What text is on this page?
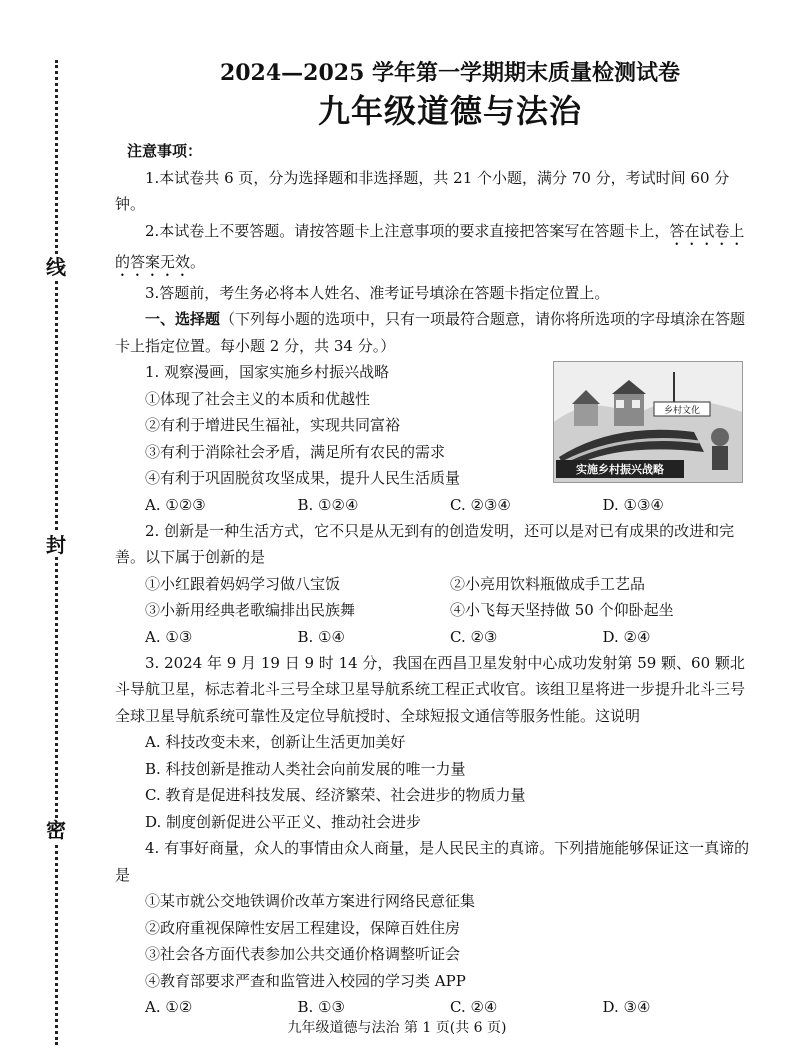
线
封
密
2024—2025 学年第一学期期末质量检测试卷
九年级道德与法治

注意事项：

1.本试卷共 6 页，分为选择题和非选择题，共 21 个小题，满分 70 分，考试时间 60 分钟。

2.本试卷上不要答题。请按答题卡上注意事项的要求直接把答案写在答题卡上，答在试卷上的答案无效。

3.答题前，考生务必将本人姓名、准考证号填涂在答题卡指定位置上。

一、选择题（下列每小题的选项中，只有一项最符合题意，请你将所选项的字母填涂在答题卡上指定位置。每小题 2 分，共 34 分。）

1. 观察漫画，国家实施乡村振兴战略

①体现了社会主义的本质和优越性

②有利于增进民生福祉，实现共同富裕

③有利于消除社会矛盾，满足所有农民的需求

④有利于巩固脱贫攻坚成果，提升人民生活质量

A. ①②③	B. ①②④	C. ②③④	D. ①③④
乡村文化
实施乡村振兴战略

2. 创新是一种生活方式，它不只是从无到有的创造发明，还可以是对已有成果的改进和完善。以下属于创新的是

①小红跟着妈妈学习做八宝饭	②小亮用饮料瓶做成手工艺品
③小新用经典老歌编排出民族舞	④小飞每天坚持做 50 个仰卧起坐
A. ①③	B. ①④	C. ②③	D. ②④

3. 2024 年 9 月 19 日 9 时 14 分，我国在西昌卫星发射中心成功发射第 59 颗、60 颗北斗导航卫星，标志着北斗三号全球卫星导航系统工程正式收官。该组卫星将进一步提升北斗三号全球卫星导航系统可靠性及定位导航授时、全球短报文通信等服务性能。这说明

A. 科技改变未来，创新让生活更加美好

B. 科技创新是推动人类社会向前发展的唯一力量

C. 教育是促进科技发展、经济繁荣、社会进步的物质力量

D. 制度创新促进公平正义、推动社会进步

4. 有事好商量，众人的事情由众人商量，是人民民主的真谛。下列措施能够保证这一真谛的是

①某市就公交地铁调价改革方案进行网络民意征集

②政府重视保障性安居工程建设，保障百姓住房

③社会各方面代表参加公共交通价格调整听证会

④教育部要求严查和监管进入校园的学习类 APP

A. ①②	B. ①③	C. ②④	D. ③④
九年级道德与法治 第 1 页(共 6 页)
